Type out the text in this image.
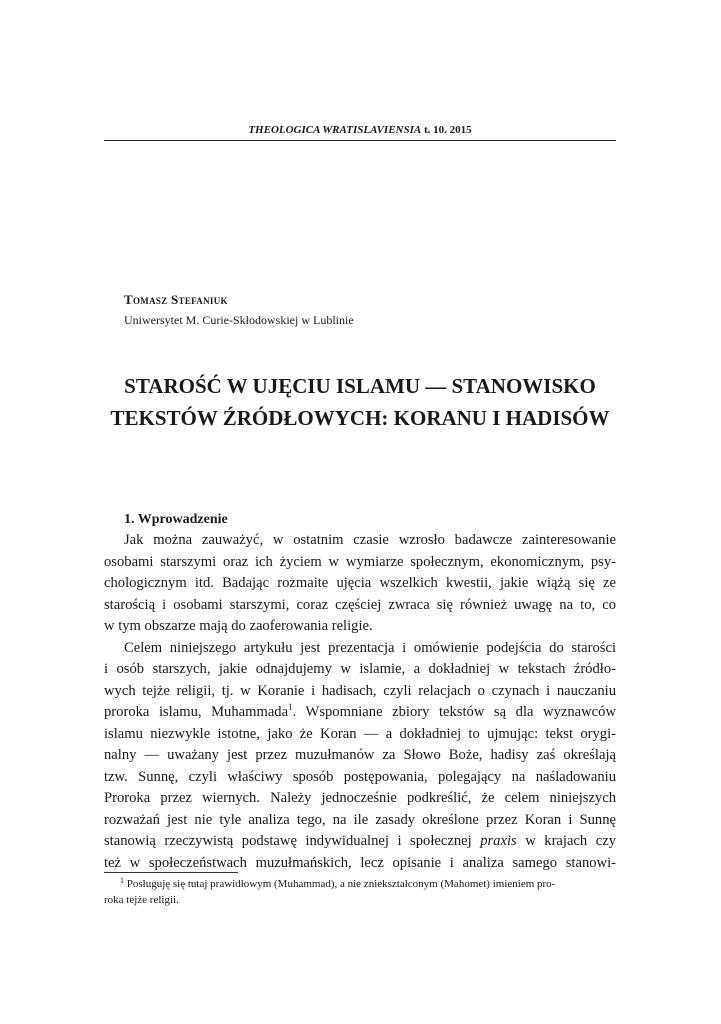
THEOLOGICA WRATISLAVIENSIA t. 10. 2015
Tomasz Stefaniuk
Uniwersytet M. Curie-Skłodowskiej w Lublinie
STAROŚĆ W UJĘCIU ISLAMU — STANOWISKO
TEKSTÓW ŹRÓDŁOWYCH: KORANU I HADISÓW
1. Wprowadzenie
Jak można zauważyć, w ostatnim czasie wzrosło badawcze zainteresowanie
osobami starszymi oraz ich życiem w wymiarze społecznym, ekonomicznym, psy-
chologicznym itd. Badając rozmaite ujęcia wszelkich kwestii, jakie wiążą się ze
starością i osobami starszymi, coraz częściej zwraca się również uwagę na to, co
w tym obszarze mają do zaoferowania religie.
Celem niniejszego artykułu jest prezentacja i omówienie podejścia do starości
i osób starszych, jakie odnajdujemy w islamie, a dokładniej w tekstach źródło-
wych tejże religii, tj. w Koranie i hadisach, czyli relacjach o czynach i nauczaniu
proroka islamu, Muhammada$^1$. Wspomniane zbiory tekstów są dla wyznawców
islamu niezwykle istotne, jako że Koran — a dokładniej to ujmując: tekst orygi-
nalny — uważany jest przez muzułmanów za Słowo Boże, hadisy zaś określają
tzw. Sunnę, czyli właściwy sposób postępowania, polegający na naśladowaniu
Proroka przez wiernych. Należy jednocześnie podkreślić, że celem niniejszych
rozważań jest nie tyle analiza tego, na ile zasady określone przez Koran i Sunnę
stanowią rzeczywistą podstawę indywidualnej i społecznej praxis w krajach czy
też w społeczeństwach muzułmańskich, lecz opisanie i analiza samego stanowi-
$^1$ Posługuję się tutaj prawidłowym (Muhammad), a nie zniekształconym (Mahomet) imieniem pro-
roka tejże religii.
